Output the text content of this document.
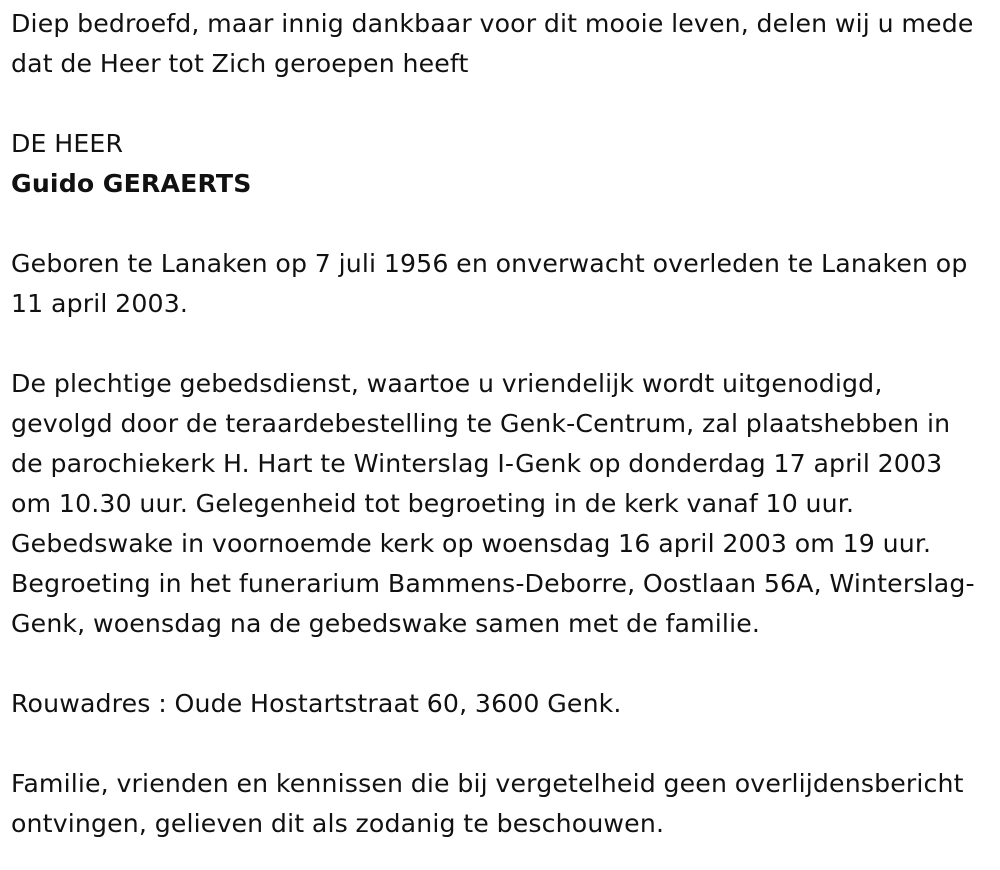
Diep bedroefd, maar innig dankbaar voor dit mooie leven, delen wij u mede dat de Heer tot Zich geroepen heeft

DE HEER

Guido GERAERTS

Geboren te Lanaken op 7 juli 1956 en onverwacht overleden te Lanaken op 11 april 2003.

De plechtige gebedsdienst, waartoe u vriendelijk wordt uitgenodigd, gevolgd door de teraardebestelling te Genk-Centrum, zal plaatshebben in de parochiekerk H. Hart te Winterslag I-Genk op donderdag 17 april 2003 om 10.30 uur. Gelegenheid tot begroeting in de kerk vanaf 10 uur. Gebedswake in voornoemde kerk op woensdag 16 april 2003 om 19 uur. Begroeting in het funerarium Bammens-Deborre, Oostlaan 56A, Winterslag-Genk, woensdag na de gebedswake samen met de familie.

Rouwadres : Oude Hostartstraat 60, 3600 Genk.

Familie, vrienden en kennissen die bij vergetelheid geen overlijdensbericht ontvingen, gelieven dit als zodanig te beschouwen.
